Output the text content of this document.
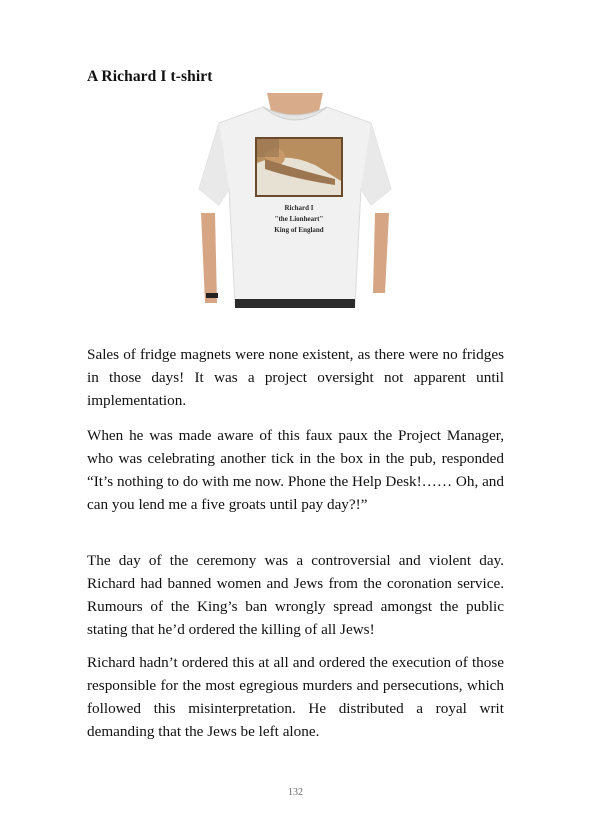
A Richard I t-shirt
Richard I
"the Lionheart"
King of England

Sales of fridge magnets were none existent, as there were no fridges in those days! It was a project oversight not apparent until implementation.

When he was made aware of this faux paux the Project Manager, who was celebrating another tick in the box in the pub, responded “It’s nothing to do with me now. Phone the Help Desk!…… Oh, and can you lend me a five groats until pay day?!”

The day of the ceremony was a controversial and violent day. Richard had banned women and Jews from the coronation service. Rumours of the King’s ban wrongly spread amongst the public stating that he’d ordered the killing of all Jews!

Richard hadn’t ordered this at all and ordered the execution of those responsible for the most egregious murders and persecutions, which followed this misinterpretation. He distributed a royal writ demanding that the Jews be left alone.

132
